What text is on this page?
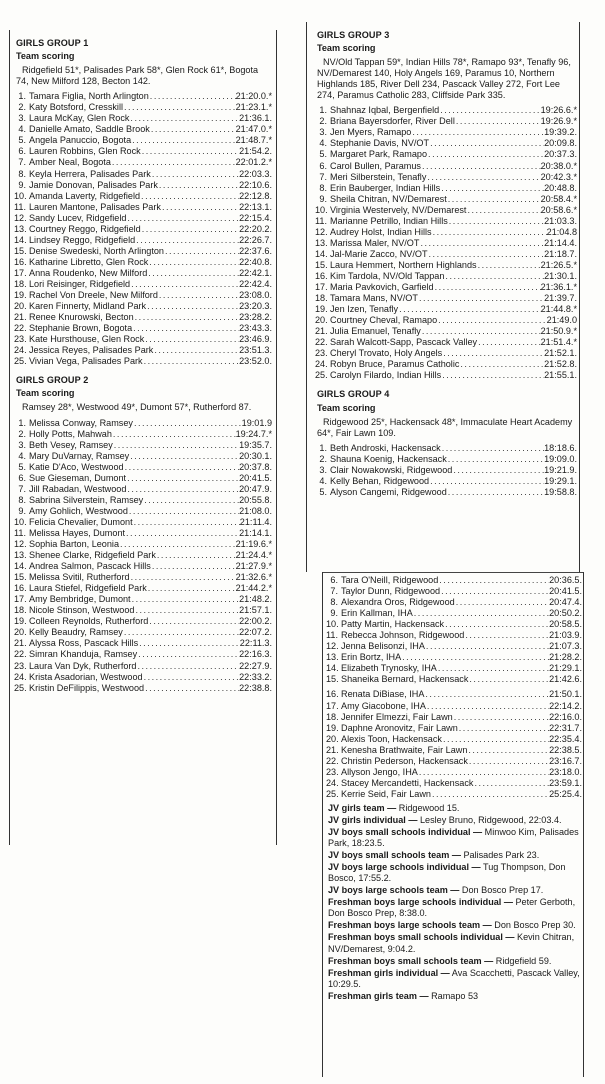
GIRLS GROUP 1
Team scoring
Ridgefield 51*, Palisades Park 58*, Glen Rock 61*, Bogota 74, New Milford 128, Becton 142.
1. Tamara Figlia, North Arlington .....	21:20.0.*
2. Katy Botsford, Cresskill .....	21:23.1.*
3. Laura McKay, Glen Rock .....	21:36.1.
4. Danielle Amato, Saddle Brook .....	21:47.0.*
5. Angela Panuccio, Bogota .....	21:48.7.*
6. Lauren Robbins, Glen Rock .....	21:54.2.
7. Amber Neal, Bogota .....	22:01.2.*
8. Keyla Herrera, Palisades Park .....	22:03.3.
9. Jamie Donovan, Palisades Park .....	22:10.6.
10. Amanda Laverty, Ridgefield .....	22:12.8.
11. Lauren Mantone, Palisades Park .....	22:13.1.
12. Sandy Lucev, Ridgefield .....	22:15.4.
13. Courtney Reggo, Ridgefield .....	22:20.2.
14. Lindsey Reggo, Ridgefield .....	22:26.7.
15. Denise Swedeski, North Arlington .....	22:37.6.
16. Katharine Libretto, Glen Rock .....	22:40.8.
17. Anna Roudenko, New Milford .....	22:42.1.
18. Lori Reisinger, Ridgefield .....	22:42.4.
19. Rachel Von Dreele, New Milford .....	23:08.0.
20. Karen Finnerty, Midland Park .....	23:20.3.
21. Renee Knurowski, Becton .....	23:28.2.
22. Stephanie Brown, Bogota .....	23:43.3.
23. Kate Hursthouse, Glen Rock .....	23:46.9.
24. Jessica Reyes, Palisades Park .....	23:51.3.
25. Vivian Vega, Palisades Park .....	23:52.0.
GIRLS GROUP 2
Team scoring
Ramsey 28*, Westwood 49*, Dumont 57*, Rutherford 87.
1. Melissa Conway, Ramsey .....	19:01.9
2. Holly Potts, Mahwah .....	19:24.7.*
3. Beth Vesey, Ramsey .....	19:35.7.
4. Mary DuVarnay, Ramsey .....	20:30.1.
5. Katie D'Aco, Westwood .....	20:37.8.
6. Sue Gieseman, Dumont .....	20:41.5.
7. Jill Rabadan, Westwood .....	20:47.9.
8. Sabrina Silverstein, Ramsey .....	20:55.8.
9. Amy Gohlich, Westwood .....	21:08.0.
10. Felicia Chevalier, Dumont .....	21:11.4.
11. Melissa Hayes, Dumont .....	21:14.1.
12. Sophia Barton, Leonia .....	21:19.6.*
13. Shenee Clarke, Ridgefield Park .....	21:24.4.*
14. Andrea Salmon, Pascack Hills .....	21:27.9.*
15. Melissa Svitil, Rutherford .....	21:32.6.*
16. Laura Stiefel, Ridgefield Park .....	21:44.2.*
17. Amy Bembridge, Dumont .....	21:48.2.
18. Nicole Stinson, Westwood .....	21:57.1.
19. Colleen Reynolds, Rutherford .....	22:00.2.
20. Kelly Beaudry, Ramsey .....	22:07.2.
21. Alyssa Ross, Pascack Hills .....	22:11.3.
22. Simran Khanduja, Ramsey .....	22:16.3.
23. Laura Van Dyk, Rutherford .....	22:27.9.
24. Krista Asadorian, Westwood .....	22:33.2.
25. Kristin DeFilippis, Westwood .....	22:38.8.
GIRLS GROUP 3
Team scoring
NV/Old Tappan 59*, Indian Hills 78*, Ramapo 93*, Tenafly 96, NV/Demarest 140, Holy Angels 169, Paramus 10, Northern Highlands 185, River Dell 234, Pascack Valley 272, Fort Lee 274, Paramus Catholic 283, Cliffside Park 335.
1. Shahnaz Iqbal, Bergenfield .....	19:26.6.*
2. Briana Bayersdorfer, River Dell .....	19:26.9.*
3. Jen Myers, Ramapo .....	19:39.2.
4. Stephanie Davis, NV/OT .....	20:09.8.
5. Margaret Park, Ramapo .....	20:37.3.
6. Carol Bullen, Paramus .....	20:38.0.*
7. Meri Silberstein, Tenafly .....	20:42.3.*
8. Erin Bauberger, Indian Hills .....	20:48.8.
9. Sheila Chitran, NV/Demarest .....	20:58.4.*
10. Virginia Westervely, NV/Demarest .....	20:58.6.*
11. Marianne Petrillo, Indian Hills .....	21:03.3.
12. Audrey Holst, Indian Hills .....	21:04.8
13. Marissa Maler, NV/OT .....	21:14.4.
14. Jal-Marie Zacco, NV/OT .....	21:18.7.
15. Laura Hemmert, Northern Highlands .....	21:26.5.*
16. Kim Tardola, NV/Old Tappan .....	21:30.1.
17. Maria Pavkovich, Garfield .....	21:36.1.*
18. Tamara Mans, NV/OT .....	21:39.7.
19. Jen Izen, Tenafly .....	21:44.8.*
20. Courtney Cheval, Ramapo .....	21:49.0
21. Julia Emanuel, Tenafly .....	21:50.9.*
22. Sarah Walcott-Sapp, Pascack Valley .....	21:51.4.*
23. Cheryl Trovato, Holy Angels .....	21:52.1.
24. Robyn Bruce, Paramus Catholic .....	21:52.8.
25. Carolyn Filardo, Indian Hills .....	21:55.1.
GIRLS GROUP 4
Team scoring
Ridgewood 25*, Hackensack 48*, Immaculate Heart Academy 64*, Fair Lawn 109.
1. Beth Androski, Hackensack .....	18:18.6.
2. Shauna Koenig, Hackensack .....	19:09.0.
3. Clair Nowakowski, Ridgewood .....	19:21.9.
4. Kelly Behan, Ridgewood .....	19:29.1.
5. Alyson Cangemi, Ridgewood .....	19:58.8.
6. Tara O'Neill, Ridgewood .....	20:36.5.
7. Taylor Dunn, Ridgewood .....	20:41.5.
8. Alexandra Oros, Ridgewood .....	20:47.4.
9. Erin Kallman, IHA .....	20:50.2.
10. Patty Martin, Hackensack .....	20:58.5.
11. Rebecca Johnson, Ridgewood .....	21:03.9.
12. Jenna Belisonzi, IHA .....	21:07.3.
13. Erin Bortz, IHA .....	21:28.2.
14. Elizabeth Trynosky, IHA .....	21:29.1.
15. Shaneika Bernard, Hackensack .....	21:42.6.
16. Renata DiBiase, IHA .....	21:50.1.
17. Amy Giacobone, IHA .....	22:14.2.
18. Jennifer Elmezzi, Fair Lawn .....	22:16.0.
19. Daphne Aronovitz, Fair Lawn .....	22:31.7.
20. Alexis Toon, Hackensack .....	22:35.4.
21. Kenesha Brathwaite, Fair Lawn .....	22:38.5.
22. Christin Pederson, Hackensack .....	23:16.7.
23. Allyson Jengo, IHA .....	23:18.0.
24. Stacey Mercandetti, Hackensack .....	23:59.1.
25. Kerrie Seid, Fair Lawn .....	25:25.4.

JV girls team — Ridgewood 15.

JV girls individual — Lesley Bruno, Ridgewood, 22:03.4.

JV boys small schools individual — Minwoo Kim, Palisades Park, 18:23.5.

JV boys small schools team — Palisades Park 23.

JV boys large schools individual — Tug Thompson, Don Bosco, 17:55.2.

JV boys large schools team — Don Bosco Prep 17.

Freshman boys large schools individual — Peter Gerboth, Don Bosco Prep, 8:38.0.

Freshman boys large schools team — Don Bosco Prep 30.

Freshman boys small schools individual — Kevin Chitran, NV/Demarest, 9:04.2.

Freshman boys small schools team — Ridgefield 59.

Freshman girls individual — Ava Scacchetti, Pascack Valley, 10:29.5.

Freshman girls team — Ramapo 53
